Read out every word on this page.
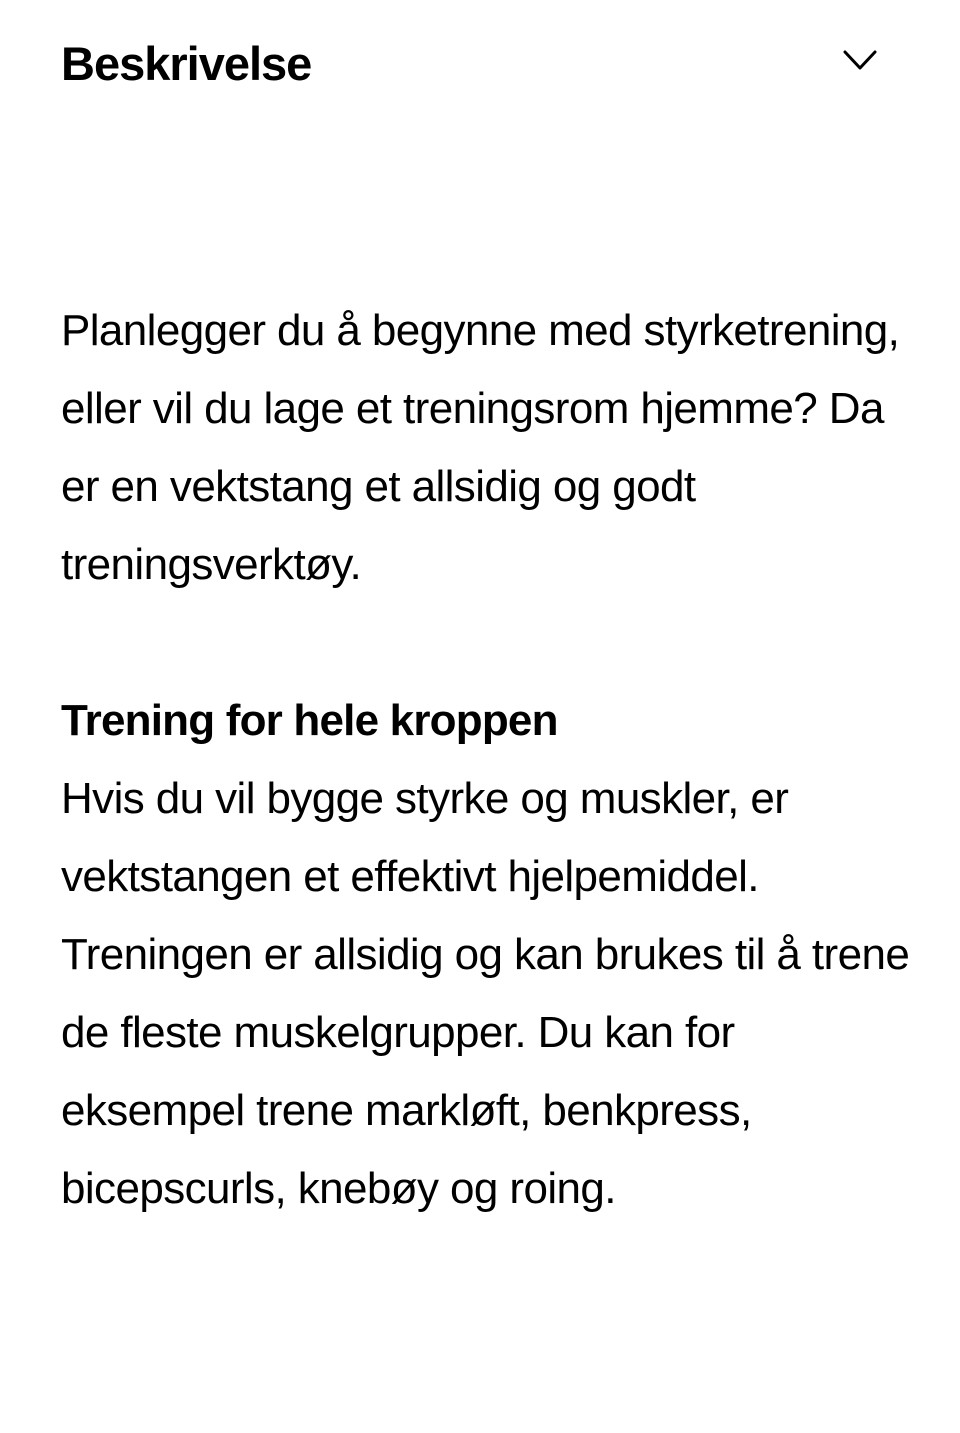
Beskrivelse

Planlegger du å begynne med styrketrening, eller vil du lage et treningsrom hjemme? Da er en vektstang et allsidig og godt treningsverktøy.

Trening for hele kroppen

Hvis du vil bygge styrke og muskler, er vektstangen et effektivt hjelpemiddel. Treningen er allsidig og kan brukes til å trene de fleste muskelgrupper. Du kan for eksempel trene markløft, benkpress, bicepscurls, knebøy og roing.
